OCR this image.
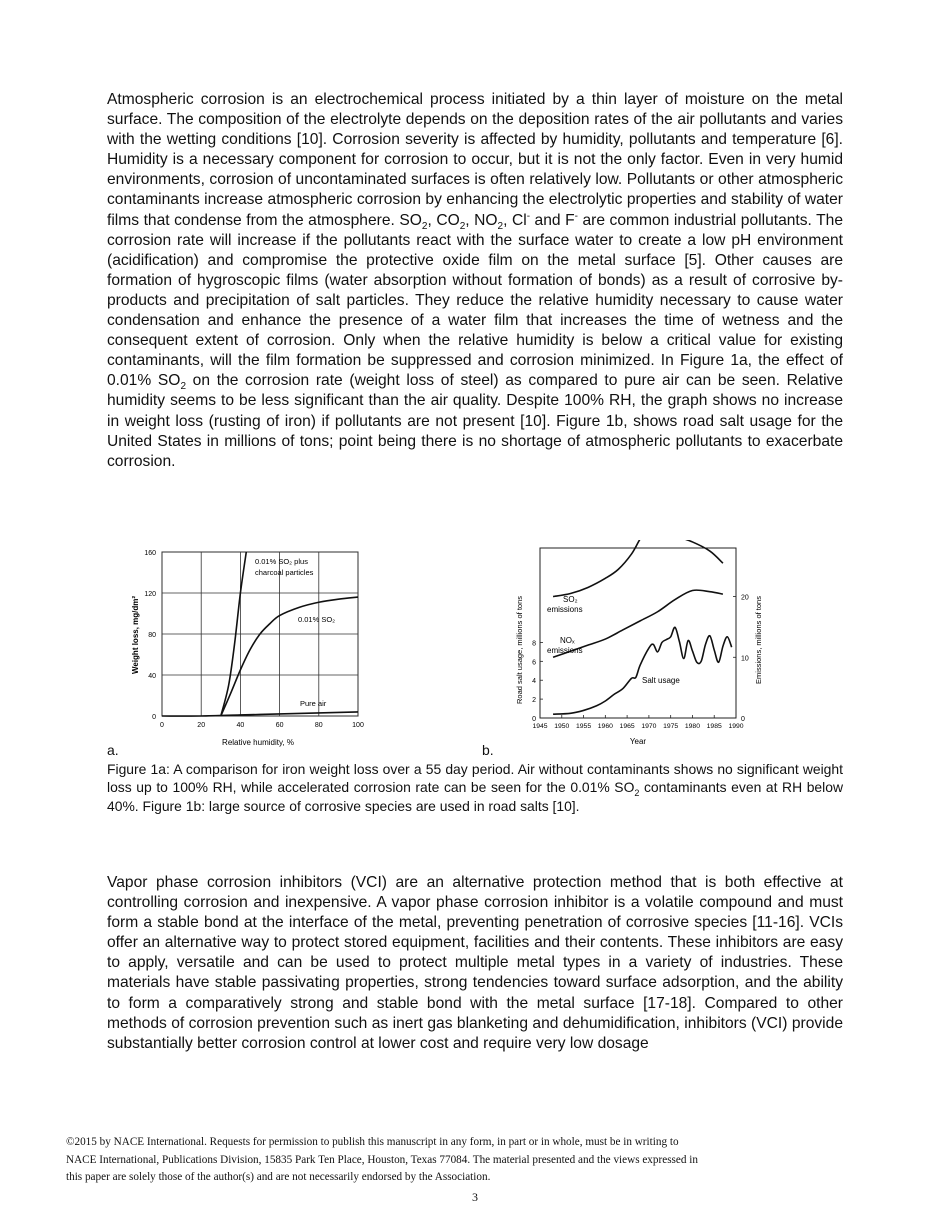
Atmospheric corrosion is an electrochemical process initiated by a thin layer of moisture on the metal surface. The composition of the electrolyte depends on the deposition rates of the air pollutants and varies with the wetting conditions [10]. Corrosion severity is affected by humidity, pollutants and temperature [6]. Humidity is a necessary component for corrosion to occur, but it is not the only factor. Even in very humid environments, corrosion of uncontaminated surfaces is often relatively low. Pollutants or other atmospheric contaminants increase atmospheric corrosion by enhancing the electrolytic properties and stability of water films that condense from the atmosphere. $SO_2$, $CO_2$, $NO_2$, Cl- and F- are common industrial pollutants. The corrosion rate will increase if the pollutants react with the surface water to create a low pH environment (acidification) and compromise the protective oxide film on the metal surface [5]. Other causes are formation of hygroscopic films (water absorption without formation of bonds) as a result of corrosive by-products and precipitation of salt particles. They reduce the relative humidity necessary to cause water condensation and enhance the presence of a water film that increases the time of wetness and the consequent extent of corrosion. Only when the relative humidity is below a critical value for existing contaminants, will the film formation be suppressed and corrosion minimized. In Figure 1a, the effect of 0.01% $SO_2$ on the corrosion rate (weight loss of steel) as compared to pure air can be seen. Relative humidity seems to be less significant than the air quality. Despite 100% RH, the graph shows no increase in weight loss (rusting of iron) if pollutants are not present [10]. Figure 1b, shows road salt usage for the United States in millions of tons; point being there is no shortage of atmospheric pollutants to exacerbate corrosion.

0	20	40	60	80	100
0
40
80
120
160
0.01% SO₂ plus
charcoal particles
0.01% SO₂
Pure air
Relative humidity, %
Weight loss, mg/dm²
1945 1950 1955 1960 1965 1970 1975 1980 1985 1990
0
2
4
6
8
0
10
20
SO₂
emissions
NOₓ
emissions
Salt usage
Year
Road salt usage, millions of tons	Emissions, millions of tons
a.	b.

Figure 1a: A comparison for iron weight loss over a 55 day period. Air without contaminants shows no significant weight loss up to 100% RH, while accelerated corrosion rate can be seen for the 0.01% $SO_2$ contaminants even at RH below 40%. Figure 1b: large source of corrosive species are used in road salts [10].

Vapor phase corrosion inhibitors (VCI) are an alternative protection method that is both effective at controlling corrosion and inexpensive. A vapor phase corrosion inhibitor is a volatile compound and must form a stable bond at the interface of the metal, preventing penetration of corrosive species [11-16]. VCIs offer an alternative way to protect stored equipment, facilities and their contents. These inhibitors are easy to apply, versatile and can be used to protect multiple metal types in a variety of industries. These materials have stable passivating properties, strong tendencies toward surface adsorption, and the ability to form a comparatively strong and stable bond with the metal surface [17-18]. Compared to other methods of corrosion prevention such as inert gas blanketing and dehumidification, inhibitors (VCI) provide substantially better corrosion control at lower cost and require very low dosage

©2015 by NACE International. Requests for permission to publish this manuscript in any form, in part or in whole, must be in writing to
NACE International, Publications Division, 15835 Park Ten Place, Houston, Texas 77084. The material presented and the views expressed in
this paper are solely those of the author(s) and are not necessarily endorsed by the Association.
3
